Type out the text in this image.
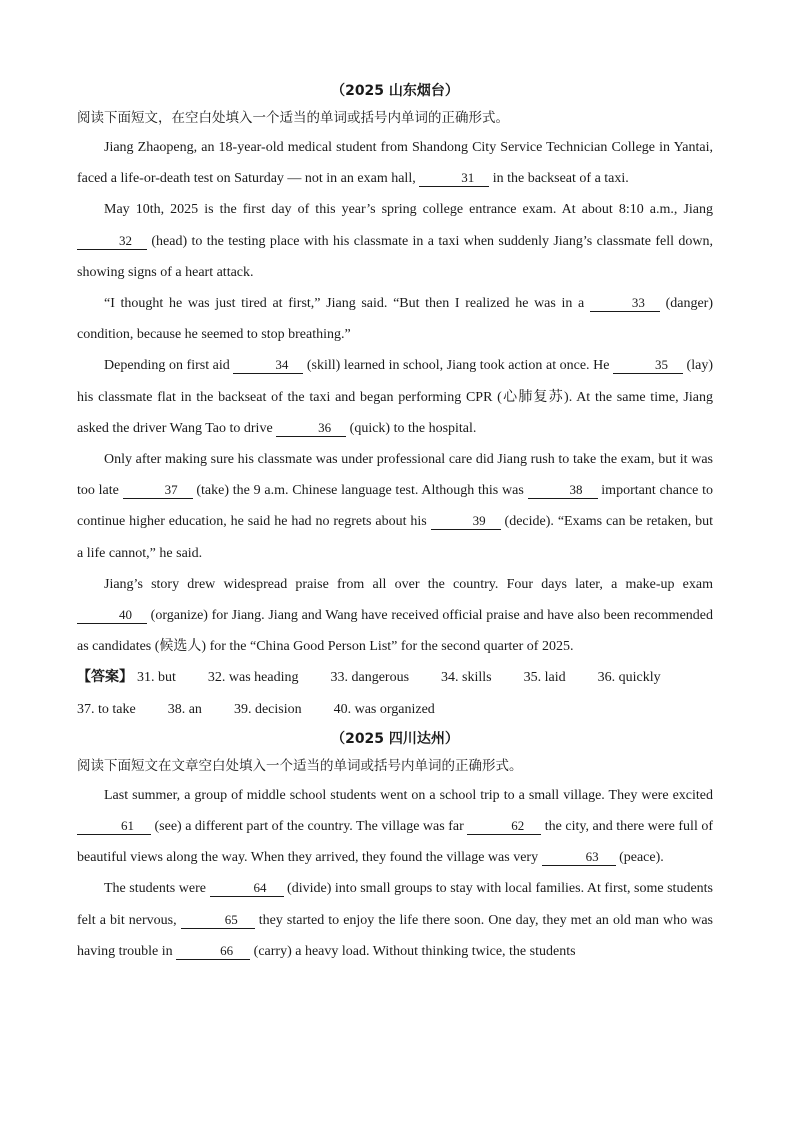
（2025 山东烟台）

阅读下面短文，在空白处填入一个适当的单词或括号内单词的正确形式。

Jiang Zhaopeng, an 18-year-old medical student from Shandong City Service Technician College in Yantai, faced a life-or-death test on Saturday — not in an exam hall,	31 in the backseat of a taxi.

May 10th, 2025 is the first day of this year’s spring college entrance exam. At about 8:10 a.m., Jiang 32 (head) to the testing place with his classmate in a taxi when suddenly Jiang’s classmate fell down, showing signs of a heart attack.

“I thought he was just tired at first,” Jiang said. “But then I realized he was in a	33 (danger) condition, because he seemed to stop breathing.”

Depending on first aid	34 (skill) learned in school, Jiang took action at once. He	35 (lay) his classmate flat in the backseat of the taxi and began performing CPR (心肺复苏). At the same time, Jiang asked the driver Wang Tao to drive	36 (quick) to the hospital.

Only after making sure his classmate was under professional care did Jiang rush to take the exam, but it was too late	37 (take) the 9 a.m. Chinese language test. Although this was	38 important chance to continue higher education, he said he had no regrets about his	39 (decide). “Exams can be retaken, but a life cannot,” he said.

Jiang’s story drew widespread praise from all over the country. Four days later, a make-up exam 40 (organize) for Jiang. Jiang and Wang have received official praise and have also been recommended as candidates (候选人) for the “China Good Person List” for the second quarter of 2025.

【答案】 31. but 32. was heading 33. dangerous 34. skills 35. laid 36. quickly
37. to take 38. an 39. decision 40. was organized

（2025 四川达州）

阅读下面短文在文章空白处填入一个适当的单词或括号内单词的正确形式。

Last summer, a group of middle school students went on a school trip to a small village. They were excited 61 (see) a different part of the country. The village was far	62 the city, and there were full of beautiful views along the way. When they arrived, they found the village was very	63 (peace).

The students were	64 (divide) into small groups to stay with local families. At first, some students felt a bit nervous,	65 they started to enjoy the life there soon. One day, they met an old man who was having trouble in	66 (carry) a heavy load. Without thinking twice, the students
